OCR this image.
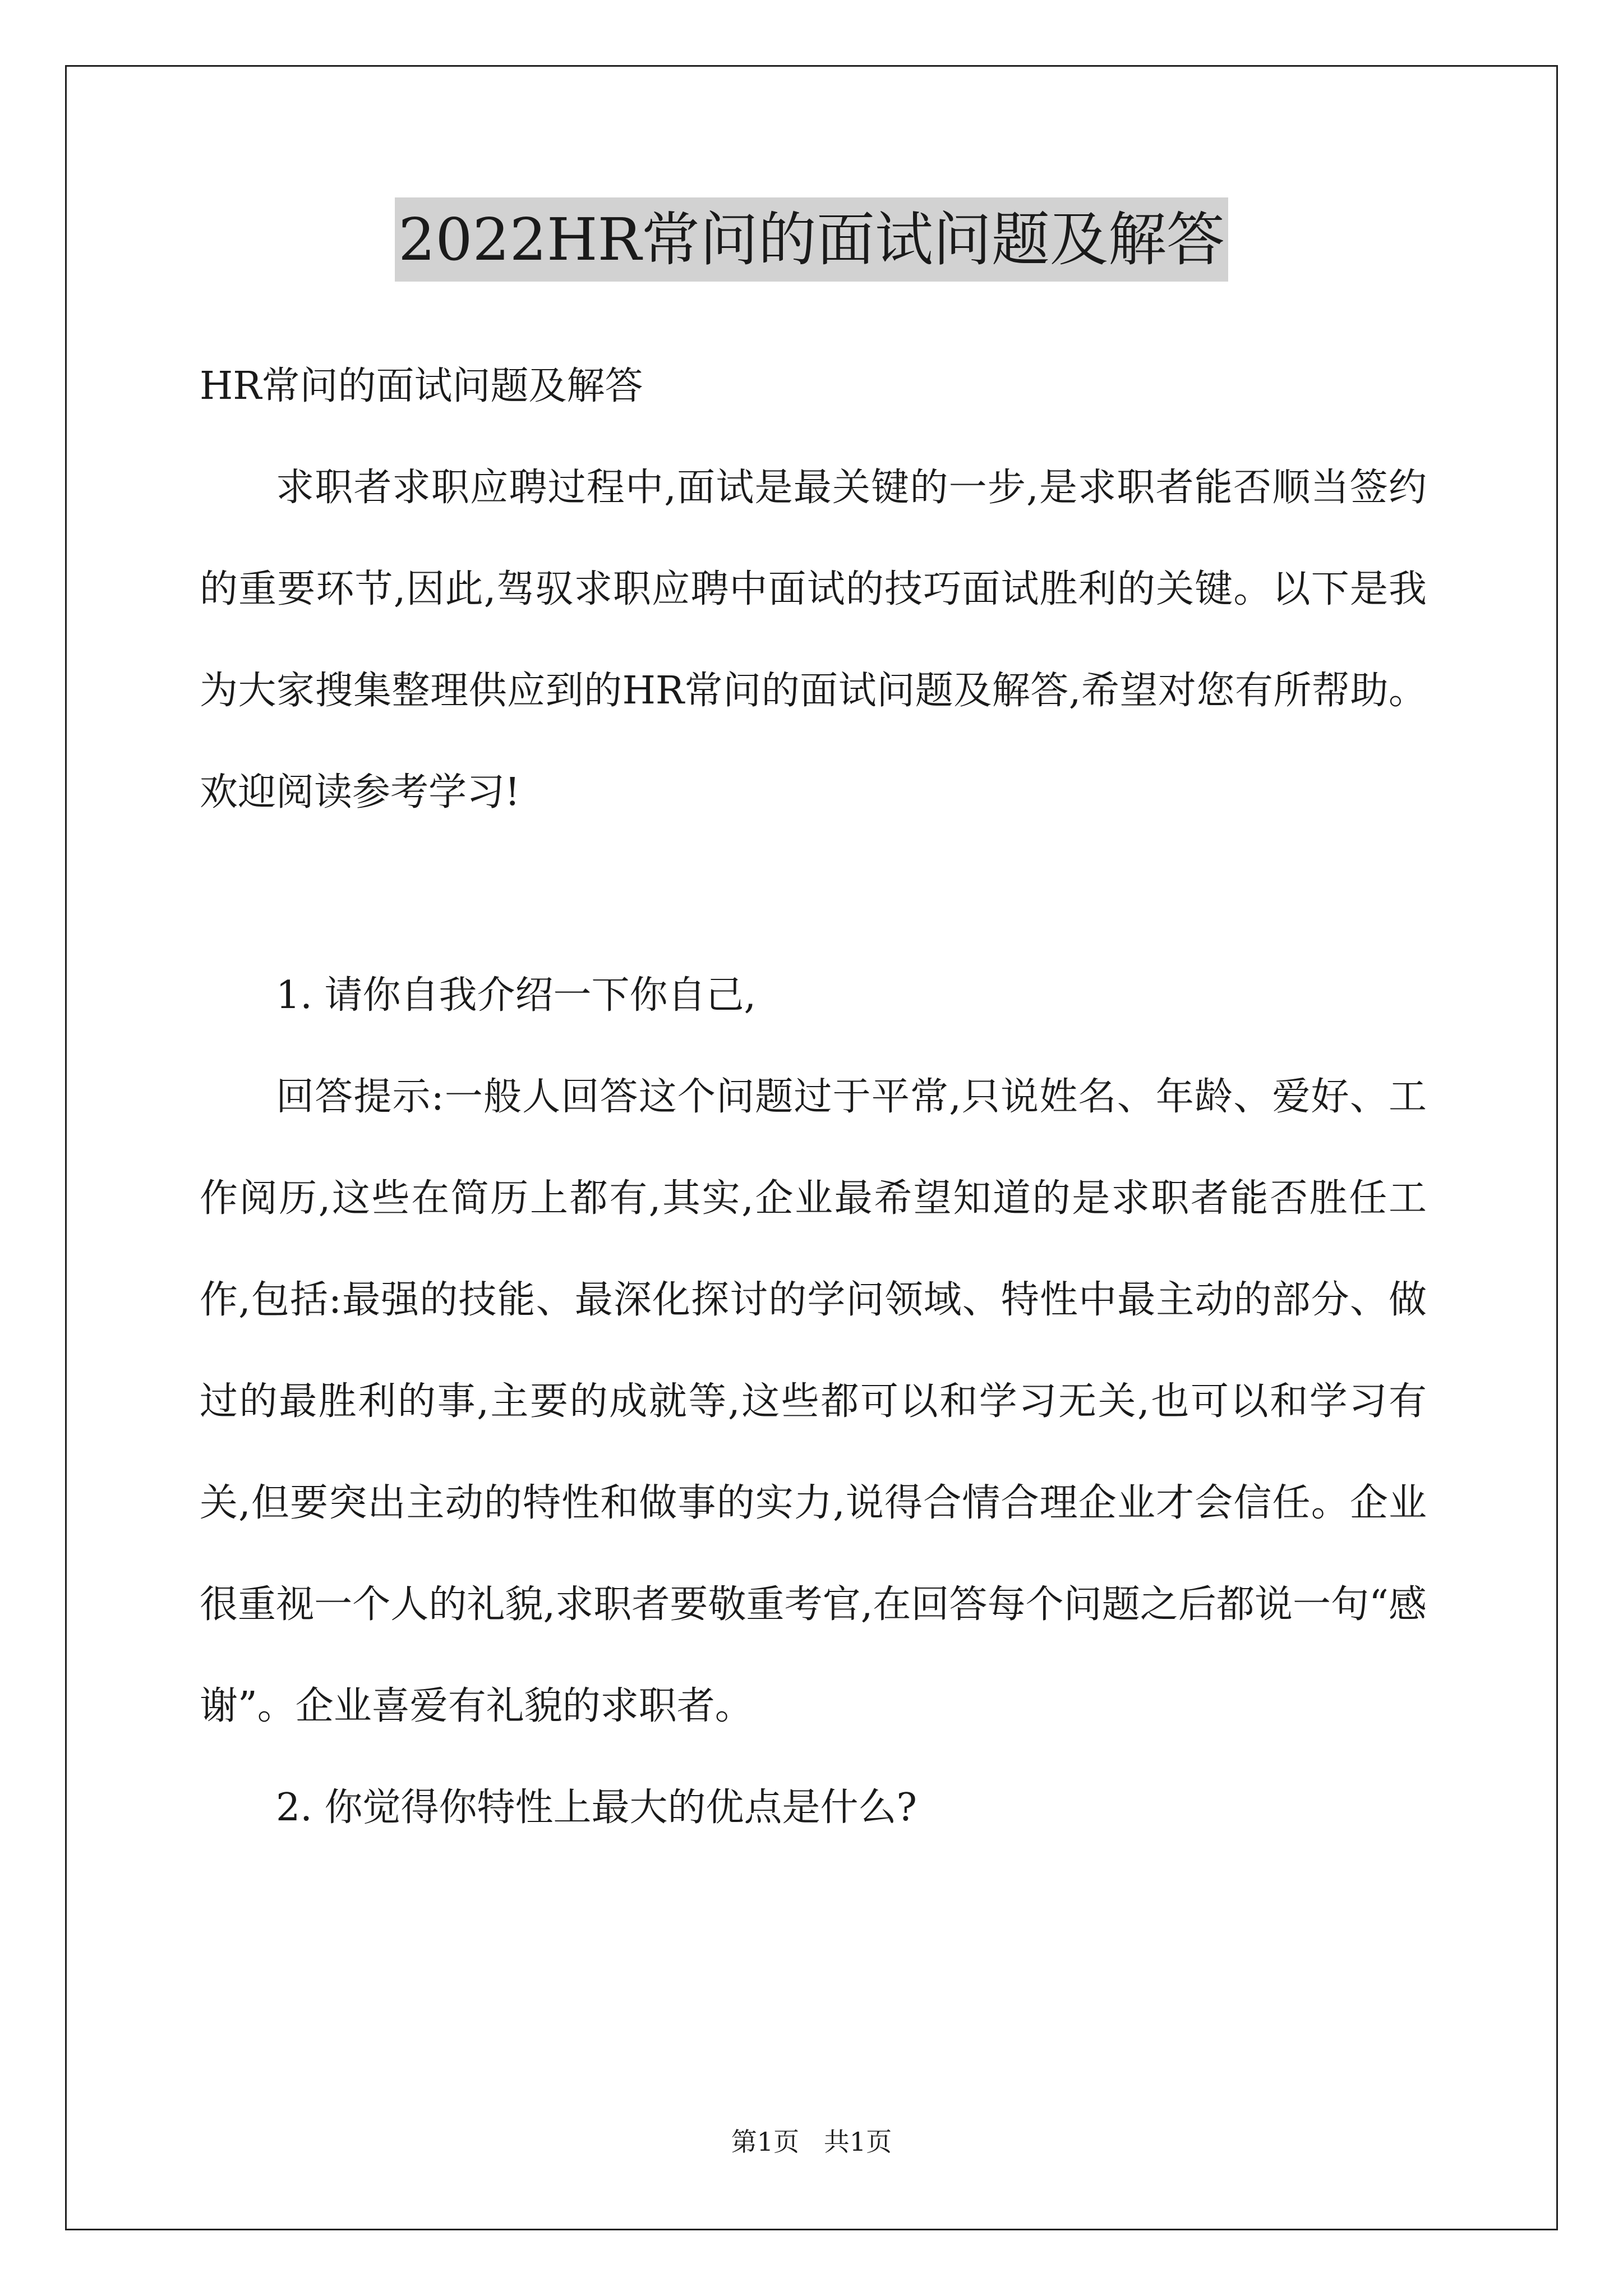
2022HR常问的面试问题及解答

HR常问的面试问题及解答

求职者求职应聘过程中,面试是最关键的一步,是求职者能否顺当签约的重要环节,因此,驾驭求职应聘中面试的技巧面试胜利的关键。以下是我为大家搜集整理供应到的HR常问的面试问题及解答,希望对您有所帮助。欢迎阅读参考学习!

1. 请你自我介绍一下你自己,

回答提示:一般人回答这个问题过于平常,只说姓名、年龄、爱好、工作阅历,这些在简历上都有,其实,企业最希望知道的是求职者能否胜任工作,包括:最强的技能、最深化探讨的学问领域、特性中最主动的部分、做过的最胜利的事,主要的成就等,这些都可以和学习无关,也可以和学习有关,但要突出主动的特性和做事的实力,说得合情合理企业才会信任。企业很重视一个人的礼貌,求职者要敬重考官,在回答每个问题之后都说一句“感谢”。企业喜爱有礼貌的求职者。

2. 你觉得你特性上最大的优点是什么?

第1页   共1页
